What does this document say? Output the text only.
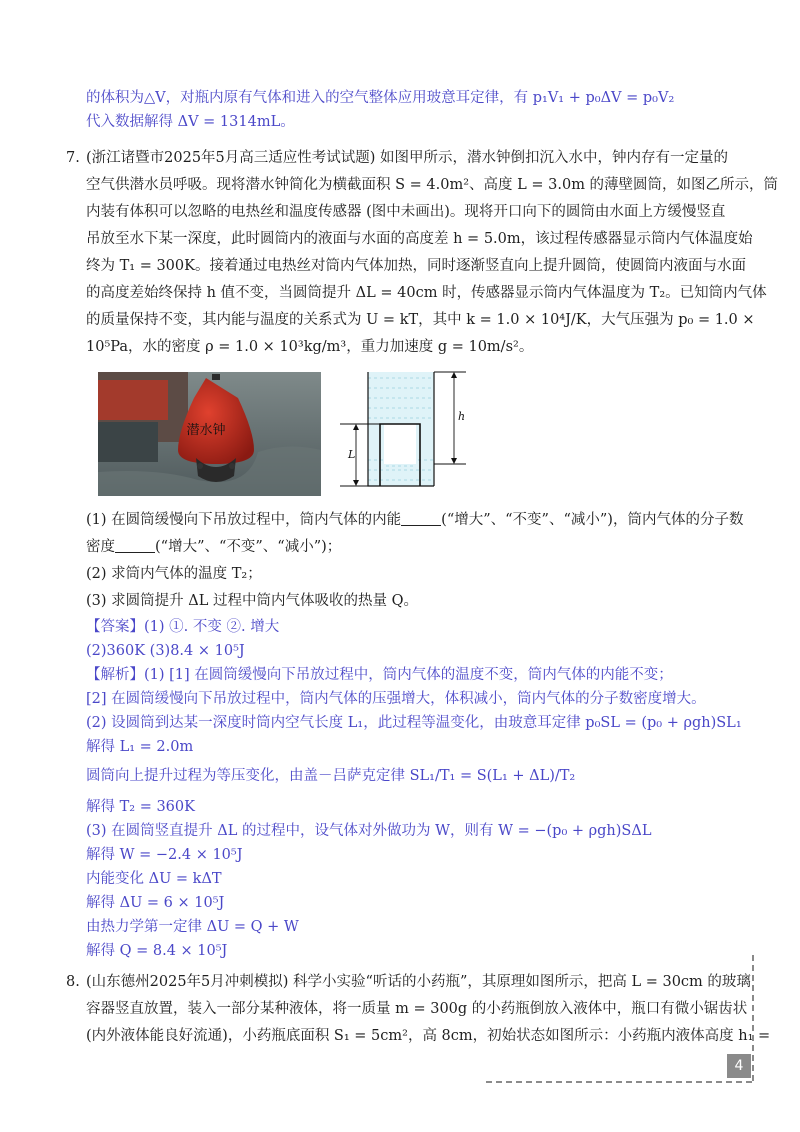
的体积为△V，对瓶内原有气体和进入的空气整体应用玻意耳定律，有 p₁V₁ + p₀ΔV = p₀V₂
代入数据解得 ΔV = 1314mL。
7. (浙江诸暨市2025年5月高三适应性考试试题) 如图甲所示，潜水钟倒扣沉入水中，钟内存有一定量的
空气供潜水员呼吸。现将潜水钟简化为横截面积 S = 4.0m²、高度 L = 3.0m 的薄壁圆筒，如图乙所示，筒
内装有体积可以忽略的电热丝和温度传感器 (图中未画出)。现将开口向下的圆筒由水面上方缓慢竖直
吊放至水下某一深度，此时圆筒内的液面与水面的高度差 h = 5.0m，该过程传感器显示筒内气体温度始
终为 T₁ = 300K。接着通过电热丝对筒内气体加热，同时逐渐竖直向上提升圆筒，使圆筒内液面与水面
的高度差始终保持 h 值不变，当圆筒提升 ΔL = 40cm 时，传感器显示筒内气体温度为 T₂。已知筒内气体
的质量保持不变，其内能与温度的关系式为 U = kT，其中 k = 1.0 × 10⁴J/K，大气压强为 p₀ = 1.0 ×
10⁵Pa，水的密度 ρ = 1.0 × 10³kg/m³，重力加速度 g = 10m/s²。
潜水钟
L
h
(1) 在圆筒缓慢向下吊放过程中，筒内气体的内能	(“增大”、“不变”、“减小”)，筒内气体的分子数
密度	(“增大”、“不变”、“减小”)；
(2) 求筒内气体的温度 T₂；
(3) 求圆筒提升 ΔL 过程中筒内气体吸收的热量 Q。
【答案】(1) ①. 不变 ②. 增大
(2)360K (3)8.4 × 10⁵J
【解析】(1) [1] 在圆筒缓慢向下吊放过程中，筒内气体的温度不变，筒内气体的内能不变；
[2] 在圆筒缓慢向下吊放过程中，筒内气体的压强增大，体积减小，筒内气体的分子数密度增大。
(2) 设圆筒到达某一深度时筒内空气长度 L₁，此过程等温变化，由玻意耳定律 p₀SL = (p₀ + ρgh)SL₁
解得 L₁ = 2.0m
圆筒向上提升过程为等压变化，由盖－吕萨克定律 SL₁/T₁ = S(L₁ + ΔL)/T₂
解得 T₂ = 360K
(3) 在圆筒竖直提升 ΔL 的过程中，设气体对外做功为 W，则有 W = −(p₀ + ρgh)SΔL
解得 W = −2.4 × 10⁵J
内能变化 ΔU = kΔT
解得 ΔU = 6 × 10⁵J
由热力学第一定律 ΔU = Q + W
解得 Q = 8.4 × 10⁵J
8. (山东德州2025年5月冲刺模拟) 科学小实验“听话的小药瓶”，其原理如图所示，把高 L = 30cm 的玻璃
容器竖直放置，装入一部分某种液体，将一质量 m = 300g 的小药瓶倒放入液体中，瓶口有微小锯齿状
(内外液体能良好流通)，小药瓶底面积 S₁ = 5cm²，高 8cm，初始状态如图所示：小药瓶内液体高度 h₁ =
4
